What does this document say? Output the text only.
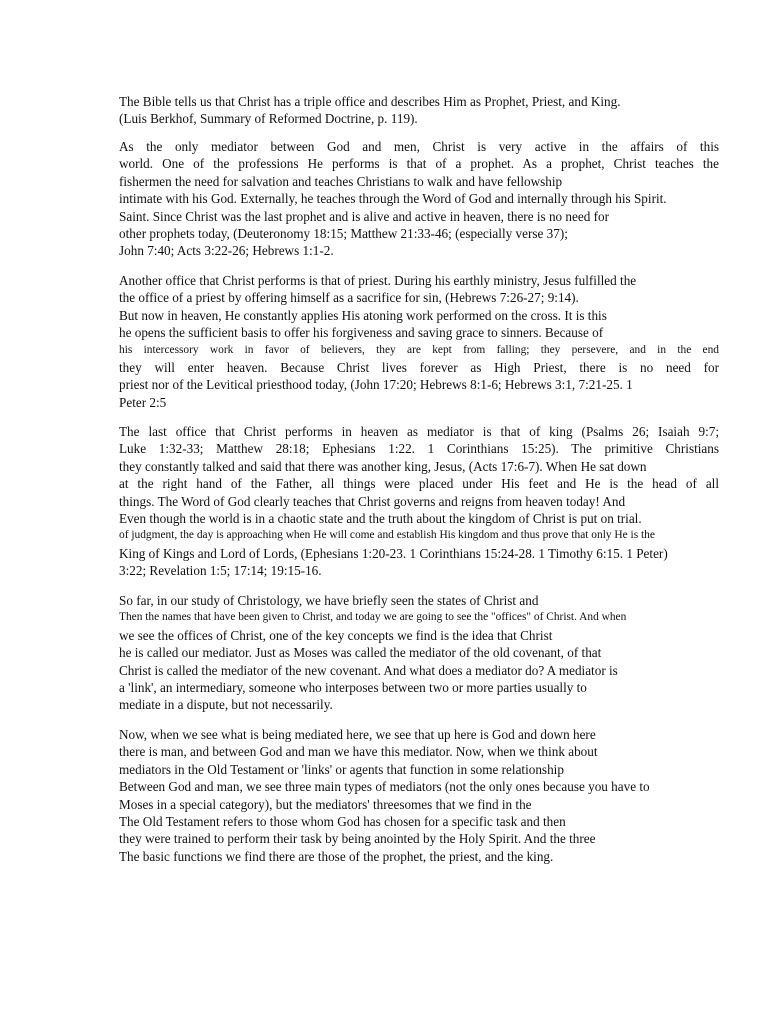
The Bible tells us that Christ has a triple office and describes Him as Prophet, Priest, and King.
(Luis Berkhof, Summary of Reformed Doctrine, p. 119).
As the only mediator between God and men, Christ is very active in the affairs of this
world. One of the professions He performs is that of a prophet. As a prophet, Christ teaches the
fishermen the need for salvation and teaches Christians to walk and have fellowship
intimate with his God. Externally, he teaches through the Word of God and internally through his Spirit.
Saint. Since Christ was the last prophet and is alive and active in heaven, there is no need for
other prophets today, (Deuteronomy 18:15; Matthew 21:33-46; (especially verse 37);
John 7:40; Acts 3:22-26; Hebrews 1:1-2.
Another office that Christ performs is that of priest. During his earthly ministry, Jesus fulfilled the
the office of a priest by offering himself as a sacrifice for sin, (Hebrews 7:26-27; 9:14).
But now in heaven, He constantly applies His atoning work performed on the cross. It is this
he opens the sufficient basis to offer his forgiveness and saving grace to sinners. Because of
his intercessory work in favor of believers, they are kept from falling; they persevere, and in the end
they will enter heaven. Because Christ lives forever as High Priest, there is no need for
priest nor of the Levitical priesthood today, (John 17:20; Hebrews 8:1-6; Hebrews 3:1, 7:21-25. 1
Peter 2:5
The last office that Christ performs in heaven as mediator is that of king (Psalms 26; Isaiah 9:7;
Luke 1:32-33; Matthew 28:18; Ephesians 1:22. 1 Corinthians 15:25). The primitive Christians
they constantly talked and said that there was another king, Jesus, (Acts 17:6-7). When He sat down
at the right hand of the Father, all things were placed under His feet and He is the head of all
things. The Word of God clearly teaches that Christ governs and reigns from heaven today! And
Even though the world is in a chaotic state and the truth about the kingdom of Christ is put on trial.
of judgment, the day is approaching when He will come and establish His kingdom and thus prove that only He is the
King of Kings and Lord of Lords, (Ephesians 1:20-23. 1 Corinthians 15:24-28. 1 Timothy 6:15. 1 Peter)
3:22; Revelation 1:5; 17:14; 19:15-16.
So far, in our study of Christology, we have briefly seen the states of Christ and
Then the names that have been given to Christ, and today we are going to see the "offices" of Christ. And when
we see the offices of Christ, one of the key concepts we find is the idea that Christ
he is called our mediator. Just as Moses was called the mediator of the old covenant, of that
Christ is called the mediator of the new covenant. And what does a mediator do? A mediator is
a 'link', an intermediary, someone who interposes between two or more parties usually to
mediate in a dispute, but not necessarily.
Now, when we see what is being mediated here, we see that up here is God and down here
there is man, and between God and man we have this mediator. Now, when we think about
mediators in the Old Testament or 'links' or agents that function in some relationship
Between God and man, we see three main types of mediators (not the only ones because you have to
Moses in a special category), but the mediators' threesomes that we find in the
The Old Testament refers to those whom God has chosen for a specific task and then
they were trained to perform their task by being anointed by the Holy Spirit. And the three
The basic functions we find there are those of the prophet, the priest, and the king.
